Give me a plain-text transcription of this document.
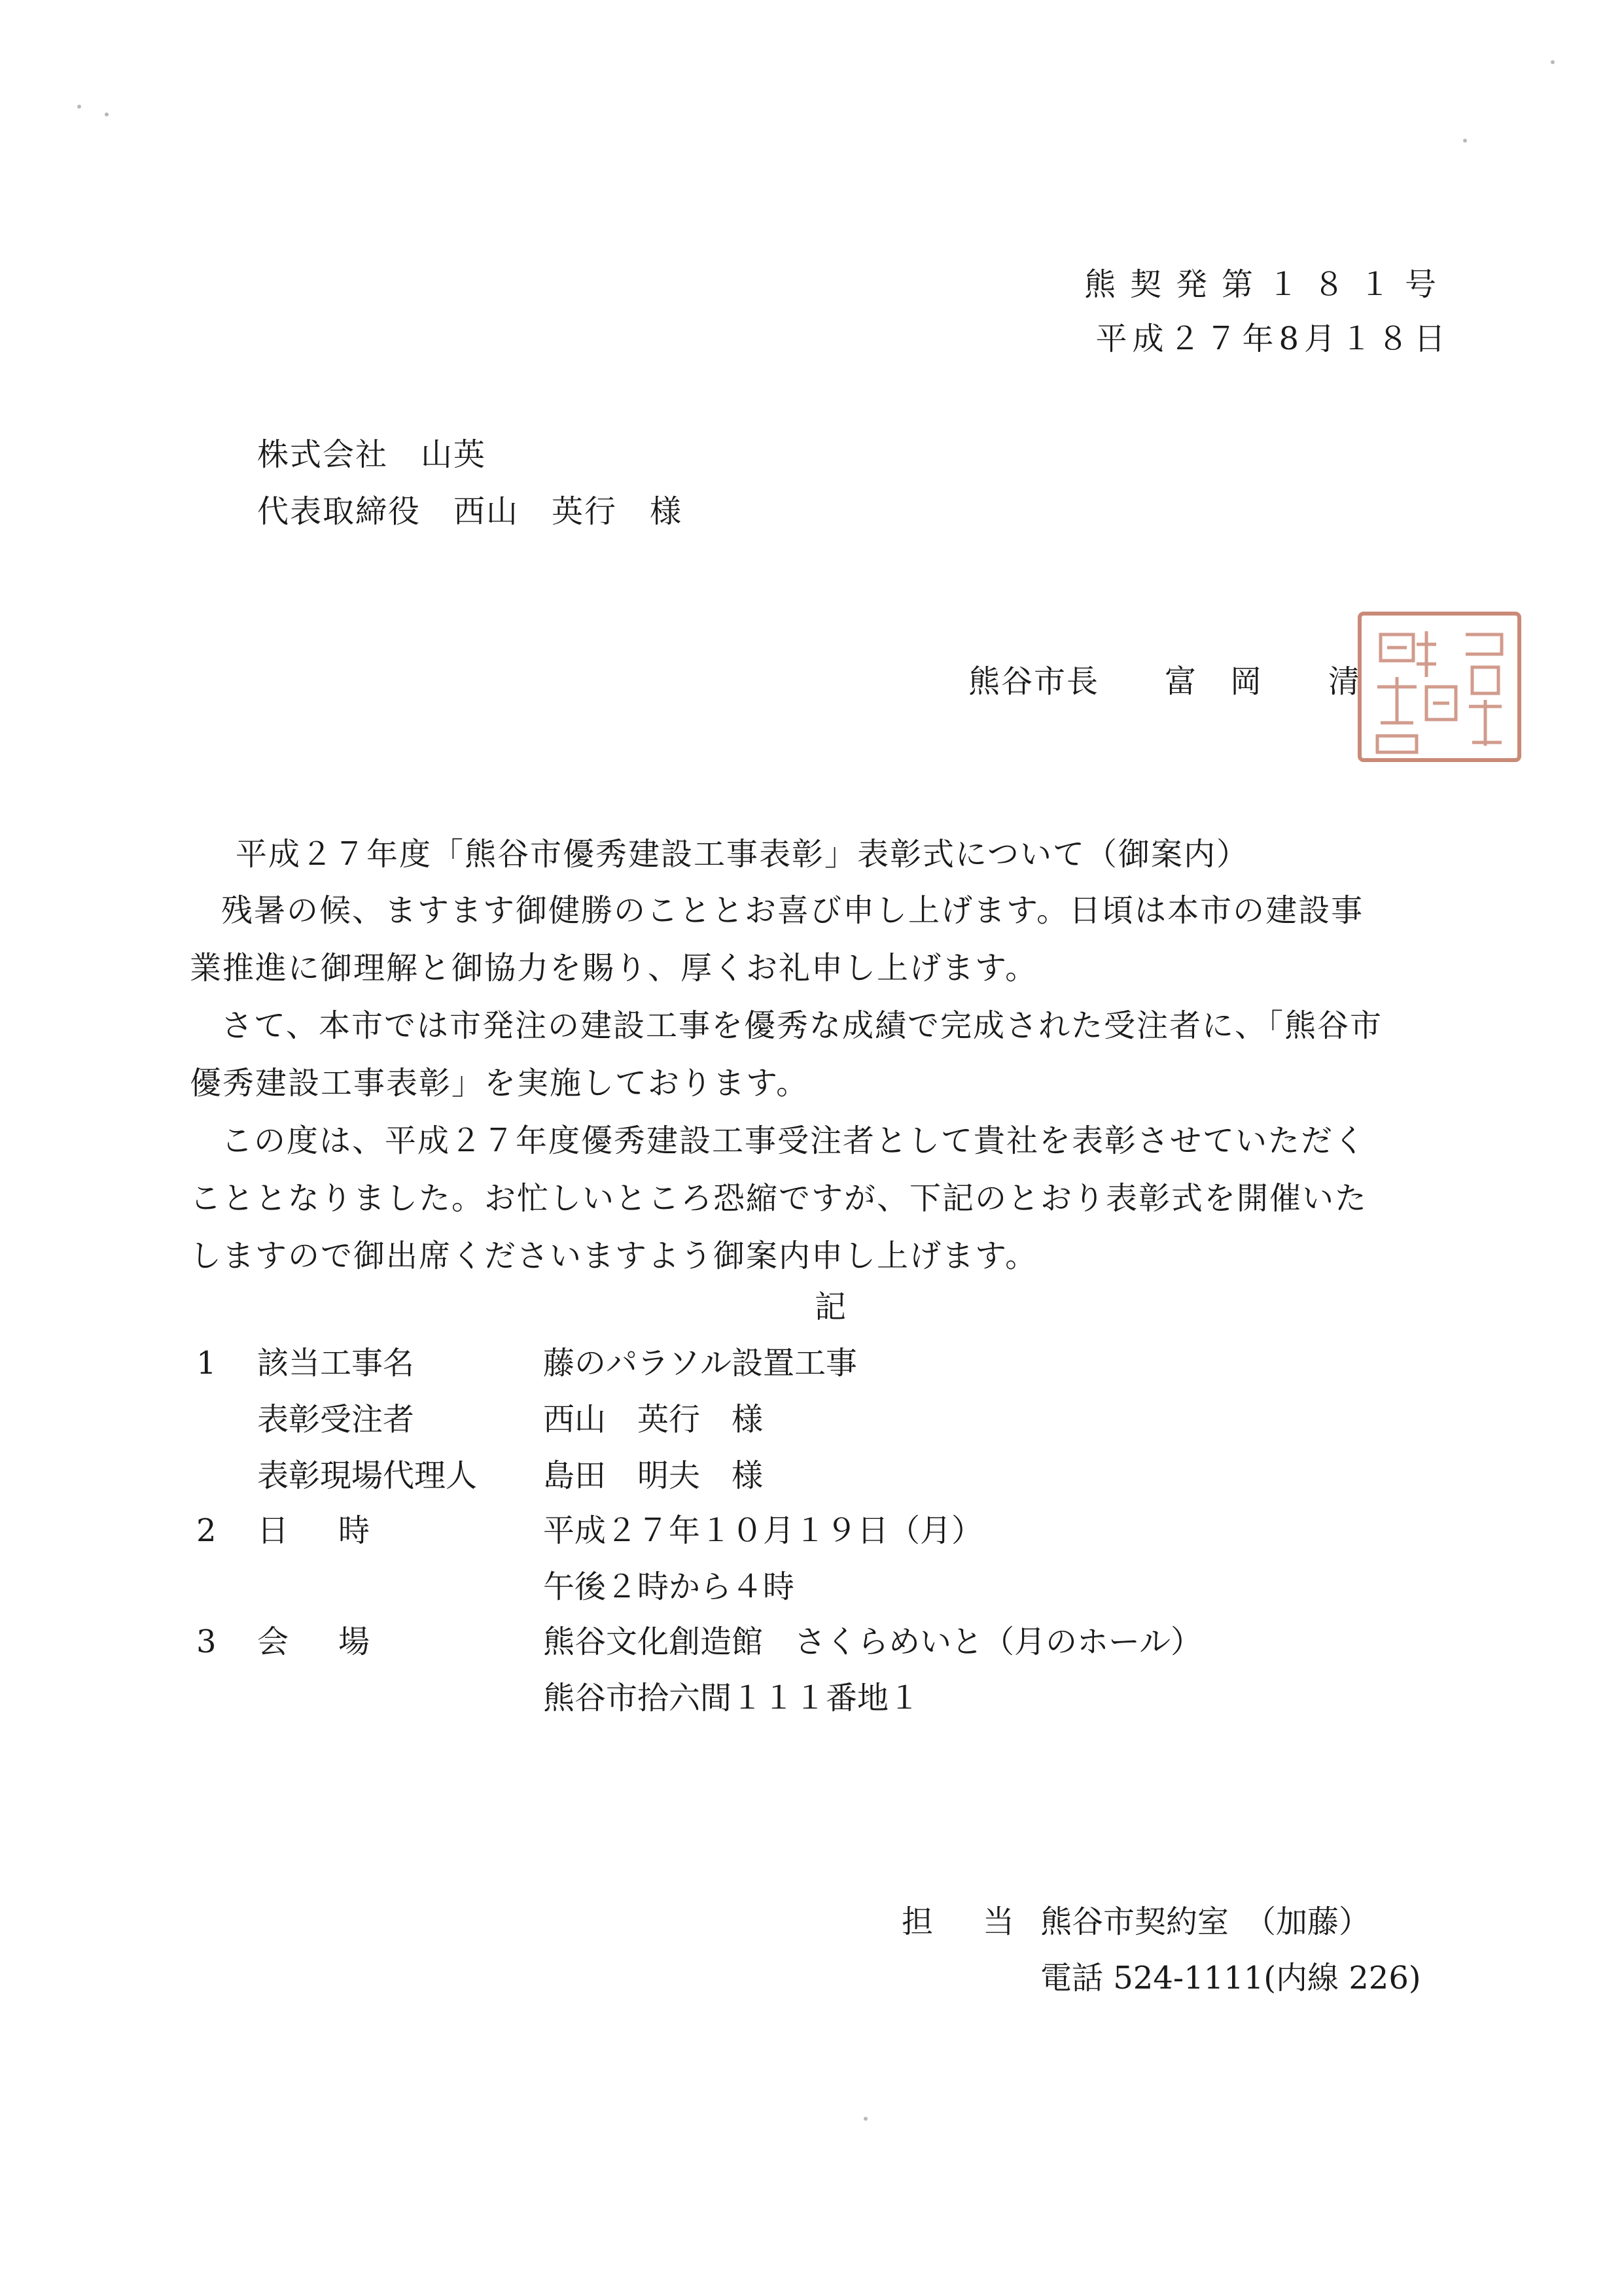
熊契発第１８１号
平成２７年8月１８日
株式会社　山英
代表取締役　西山　英行　様
熊谷市長　　富　岡　　清
平成２７年度「熊谷市優秀建設工事表彰」表彰式について（御案内）
残暑の候、ますます御健勝のこととお喜び申し上げます。日頃は本市の建設事
業推進に御理解と御協力を賜り、厚くお礼申し上げます。
さて、本市では市発注の建設工事を優秀な成績で完成された受注者に、「熊谷市
優秀建設工事表彰」を実施しております。
この度は、平成２７年度優秀建設工事受注者として貴社を表彰させていただく
こととなりました。お忙しいところ恐縮ですが、下記のとおり表彰式を開催いた
しますので御出席くださいますよう御案内申し上げます。
記
1 該当工事名	藤のパラソル設置工事
表彰受注者	西山　英行　様
表彰現場代理人 島田　明夫　様
2 日　時	平成２７年１０月１９日（月）
午後２時から４時
3 会　場	熊谷文化創造館　さくらめいと（月のホール）
熊谷市拾六間１１１番地１
担　当 熊谷市契約室　（加藤）
電話 524-1111(内線 226)
